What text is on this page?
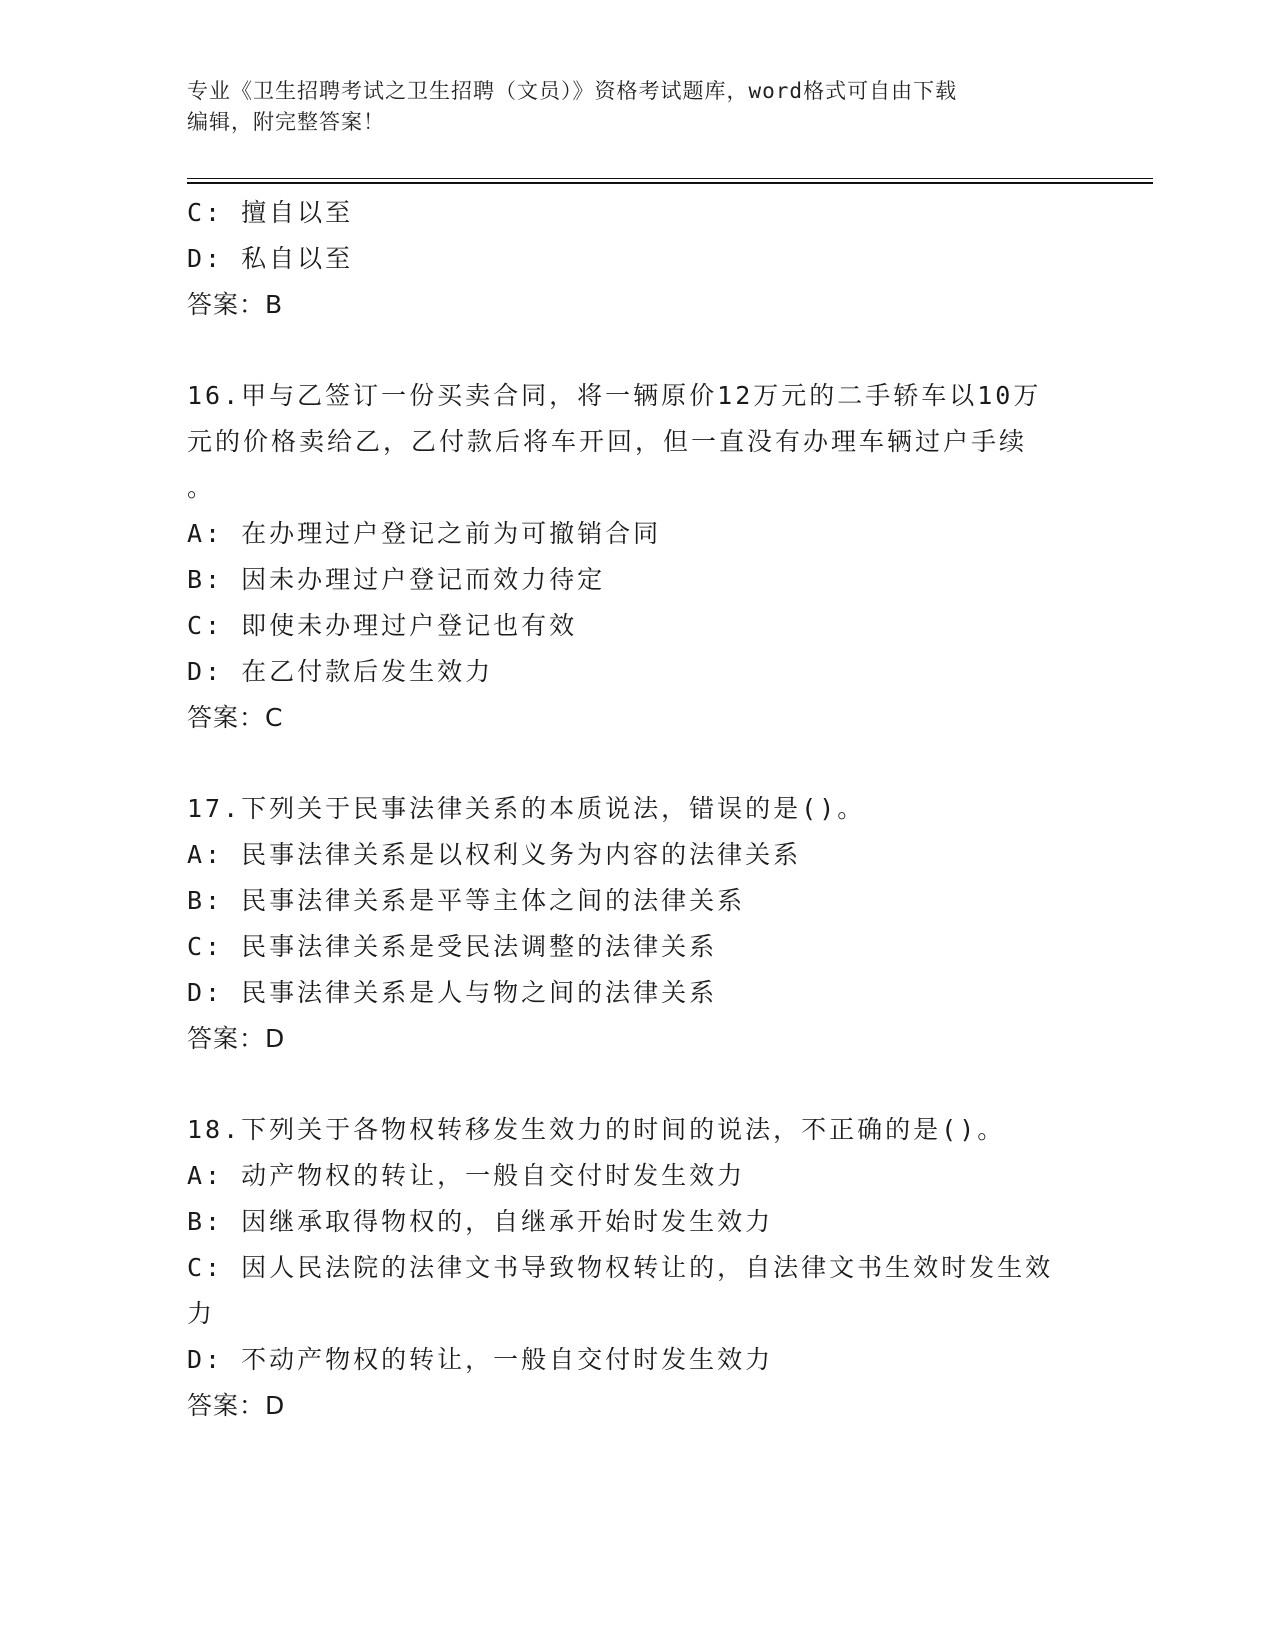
专业《卫生招聘考试之卫生招聘（文员）》资格考试题库，word格式可自由下载
编辑，附完整答案！
C: 擅自以至
D: 私自以至
答案：B
16.甲与乙签订一份买卖合同，将一辆原价12万元的二手轿车以10万
元的价格卖给乙，乙付款后将车开回，但一直没有办理车辆过户手续
。
A: 在办理过户登记之前为可撤销合同
B: 因未办理过户登记而效力待定
C: 即使未办理过户登记也有效
D: 在乙付款后发生效力
答案：C
17.下列关于民事法律关系的本质说法，错误的是()。
A: 民事法律关系是以权利义务为内容的法律关系
B: 民事法律关系是平等主体之间的法律关系
C: 民事法律关系是受民法调整的法律关系
D: 民事法律关系是人与物之间的法律关系
答案：D
18.下列关于各物权转移发生效力的时间的说法，不正确的是()。
A: 动产物权的转让，一般自交付时发生效力
B: 因继承取得物权的，自继承开始时发生效力
C: 因人民法院的法律文书导致物权转让的，自法律文书生效时发生效
力
D: 不动产物权的转让，一般自交付时发生效力
答案：D
